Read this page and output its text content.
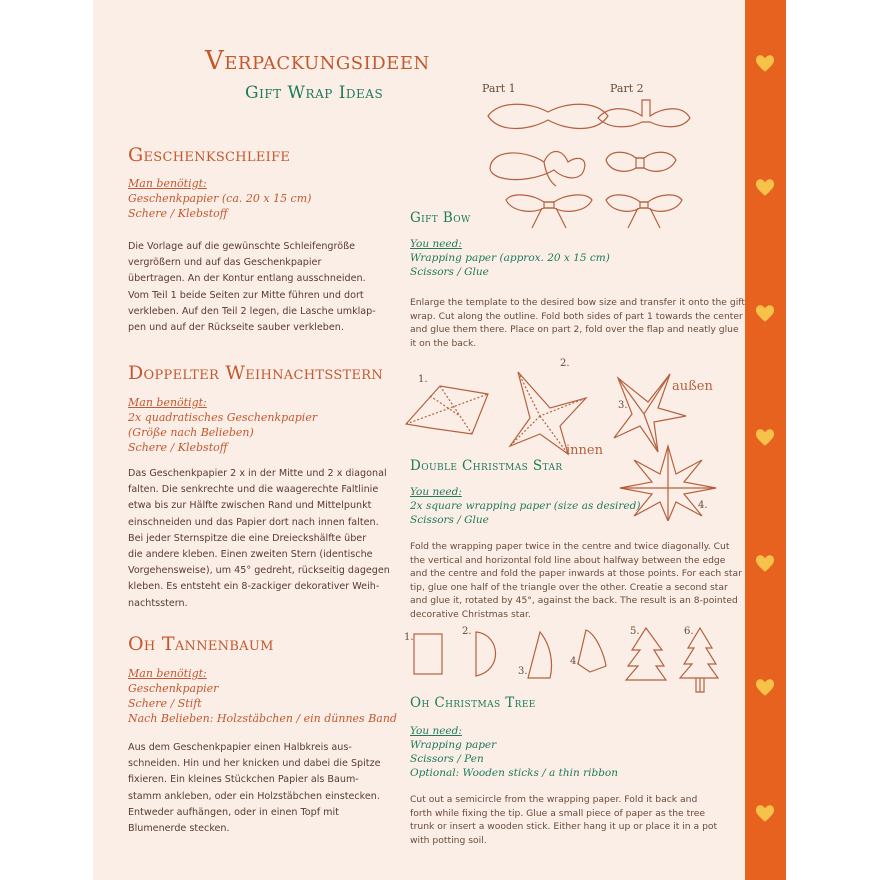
Verpackungsideen
Gift Wrap Ideas
Geschenkschleife
Man benötigt:
Geschenkpapier (ca. 20 x 15 cm)
Schere / Klebstoff
Die Vorlage auf die gewünschte Schleifengröße
vergrößern und auf das Geschenkpapier
übertragen. An der Kontur entlang ausschneiden.
Vom Teil 1 beide Seiten zur Mitte führen und dort
verkleben. Auf den Teil 2 legen, die Lasche umklap-
pen und auf der Rückseite sauber verkleben.
Doppelter Weihnachtsstern
Man benötigt:
2x quadratisches Geschenkpapier
(Größe nach Belieben)
Schere / Klebstoff
Das Geschenkpapier 2 x in der Mitte und 2 x diagonal
falten. Die senkrechte und die waagerechte Faltlinie
etwa bis zur Hälfte zwischen Rand und Mittelpunkt
einschneiden und das Papier dort nach innen falten.
Bei jeder Sternspitze die eine Dreieckshälfte über
die andere kleben. Einen zweiten Stern (identische
Vorgehensweise), um 45° gedreht, rückseitig dagegen
kleben. Es entsteht ein 8-zackiger dekorativer Weih-
nachtsstern.
Oh Tannenbaum
Man benötigt:
Geschenkpapier
Schere / Stift
Nach Belieben: Holzstäbchen / ein dünnes Band
Aus dem Geschenkpapier einen Halbkreis aus-
schneiden. Hin und her knicken und dabei die Spitze
fixieren. Ein kleines Stückchen Papier als Baum-
stamm ankleben, oder ein Holzstäbchen einstecken.
Entweder aufhängen, oder in einen Topf mit
Blumenerde stecken.
Part 1	Part 2
Gift Bow
You need:
Wrapping paper (approx. 20 x 15 cm)
Scissors / Glue
Enlarge the template to the desired bow size and transfer it onto the gift
wrap. Cut along the outline. Fold both sides of part 1 towards the center
and glue them there. Place on part 2, fold over the flap and neatly glue
it on the back.
1.
2.
3.
4.
außen
innen
Double Christmas Star
You need:
2x square wrapping paper (size as desired)
Scissors / Glue
Fold the wrapping paper twice in the centre and twice diagonally. Cut
the vertical and horizontal fold line about halfway between the edge
and the centre and fold the paper inwards at those points. For each star
tip, glue one half of the triangle over the other. Creatie a second star
and glue it, rotated by 45°, against the back. The result is an 8-pointed
decorative Christmas star.
1.
2.
3.
4.
5.	6.
Oh Christmas Tree
You need:
Wrapping paper
Scissors / Pen
Optional: Wooden sticks / a thin ribbon
Cut out a semicircle from the wrapping paper. Fold it back and
forth while fixing the tip. Glue a small piece of paper as the tree
trunk or insert a wooden stick. Either hang it up or place it in a pot
with potting soil.
